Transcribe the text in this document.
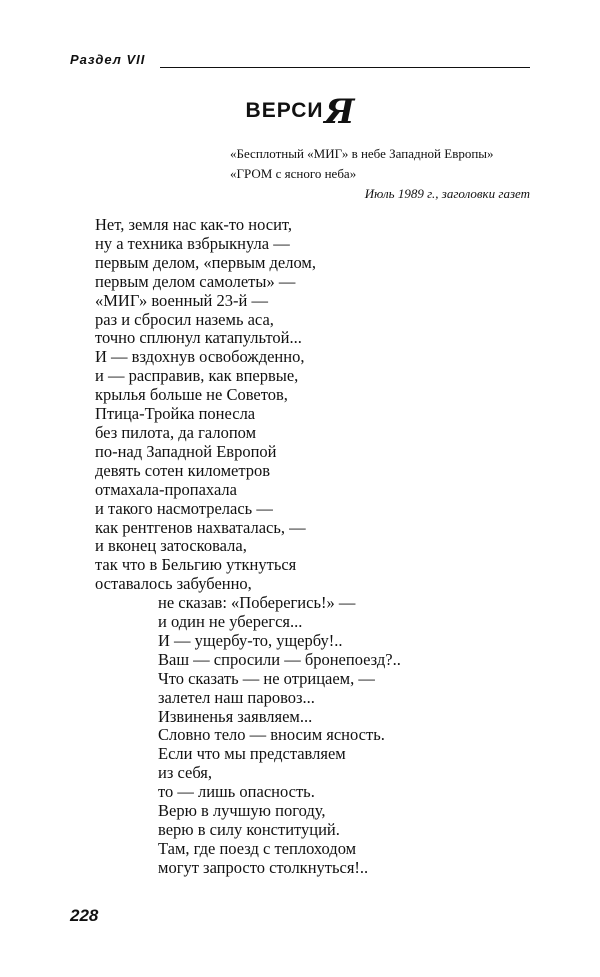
Раздел VII
ВЕРСИЯ
«Бесплотный «МИГ» в небе Западной Европы»
«ГРОМ с ясного неба»
Июль 1989 г., заголовки газет
Нет, земля нас как-то носит,
ну а техника взбрыкнула —
первым делом, «первым делом,
первым делом самолеты» —
«МИГ» военный 23-й —
раз и сбросил наземь аса,
точно сплюнул катапультой...
И — вздохнув освобожденно,
и — расправив, как впервые,
крылья больше не Советов,
Птица-Тройка понесла
без пилота, да галопом
по-над Западной Европой
девять сотен километров
отмахала-пропахала
и такого насмотрелась —
как рентгенов нахваталась, —
и вконец затосковала,
так что в Бельгию уткнуться
оставалось забубенно,
не сказав: «Поберегись!» —
и один не уберегся...
И — ущербу-то, ущербу!..
Ваш — спросили — бронепоезд?..
Что сказать — не отрицаем, —
залетел наш паровоз...
Извиненья заявляем...
Словно тело — вносим ясность.
Если что мы представляем
из себя,
то — лишь опасность.
Верю в лучшую погоду,
верю в силу конституций.
Там, где поезд с теплоходом
могут запросто столкнуться!..
228
